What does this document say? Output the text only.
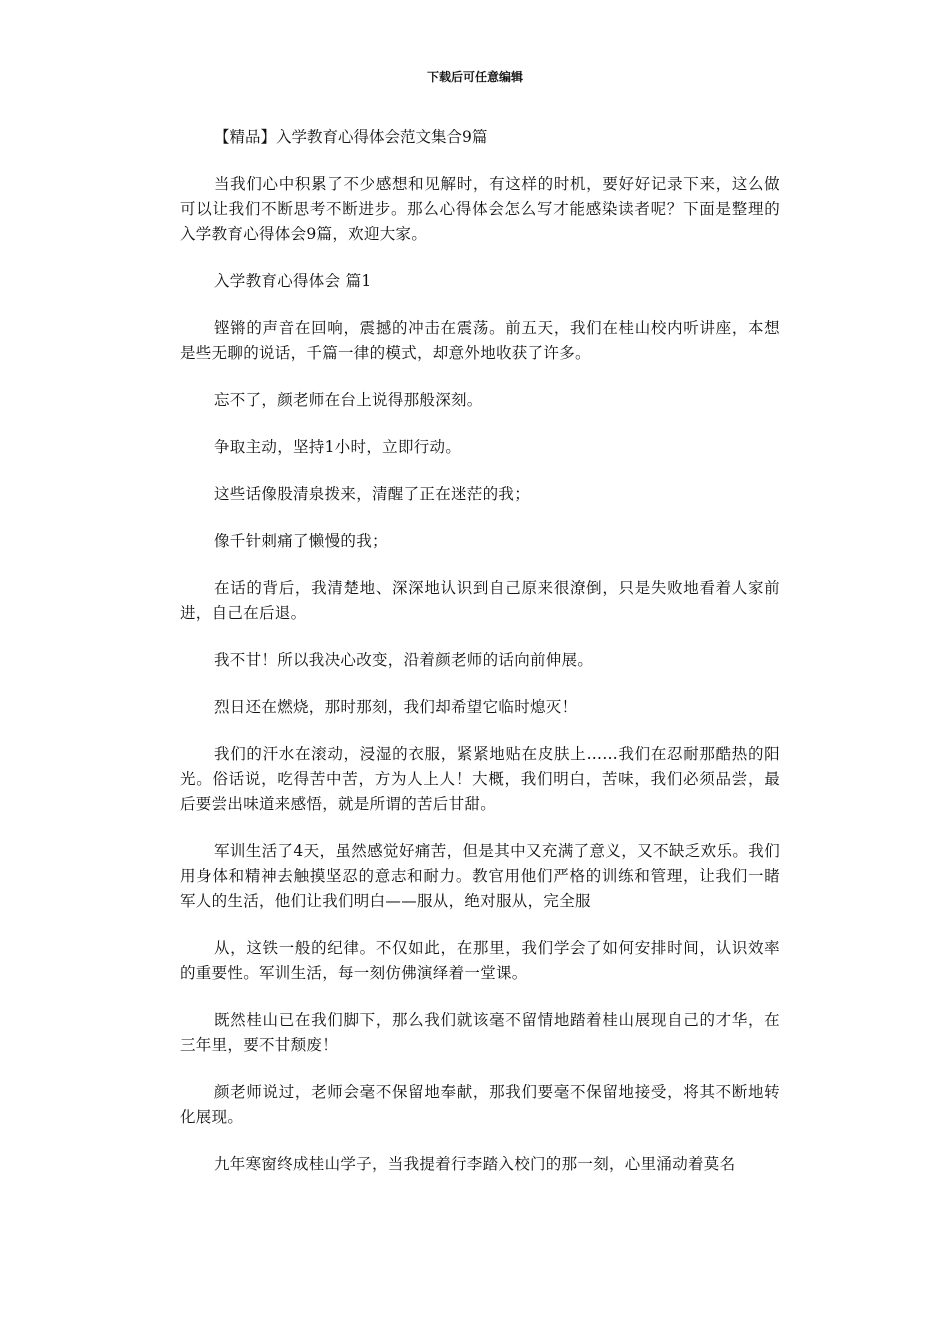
下载后可任意编辑
【精品】入学教育心得体会范文集合9篇

当我们心中积累了不少感想和见解时，有这样的时机，要好好记录下来，这么做可以让我们不断思考不断进步。那么心得体会怎么写才能感染读者呢？下面是整理的入学教育心得体会9篇，欢迎大家。

入学教育心得体会 篇1

铿锵的声音在回响，震撼的冲击在震荡。前五天，我们在桂山校内听讲座，本想是些无聊的说话，千篇一律的模式，却意外地收获了许多。

忘不了，颜老师在台上说得那般深刻。

争取主动，坚持1小时，立即行动。

这些话像股清泉拨来，清醒了正在迷茫的我；

像千针刺痛了懒慢的我；

在话的背后，我清楚地、深深地认识到自己原来很潦倒，只是失败地看着人家前进，自己在后退。

我不甘！所以我决心改变，沿着颜老师的话向前伸展。

烈日还在燃烧，那时那刻，我们却希望它临时熄灭！

我们的汗水在滚动，浸湿的衣服，紧紧地贴在皮肤上……我们在忍耐那酷热的阳光。俗话说，吃得苦中苦，方为人上人！大概，我们明白，苦味，我们必须品尝，最后要尝出味道来感悟，就是所谓的苦后甘甜。

军训生活了4天，虽然感觉好痛苦，但是其中又充满了意义，又不缺乏欢乐。我们用身体和精神去触摸坚忍的意志和耐力。教官用他们严格的训练和管理，让我们一睹军人的生活，他们让我们明白——服从，绝对服从，完全服

从，这铁一般的纪律。不仅如此，在那里，我们学会了如何安排时间，认识效率的重要性。军训生活，每一刻仿佛演绎着一堂课。

既然桂山已在我们脚下，那么我们就该毫不留情地踏着桂山展现自己的才华，在三年里，要不甘颓废！

颜老师说过，老师会毫不保留地奉献，那我们要毫不保留地接受，将其不断地转化展现。

九年寒窗终成桂山学子，当我提着行李踏入校门的那一刻，心里涌动着莫名
